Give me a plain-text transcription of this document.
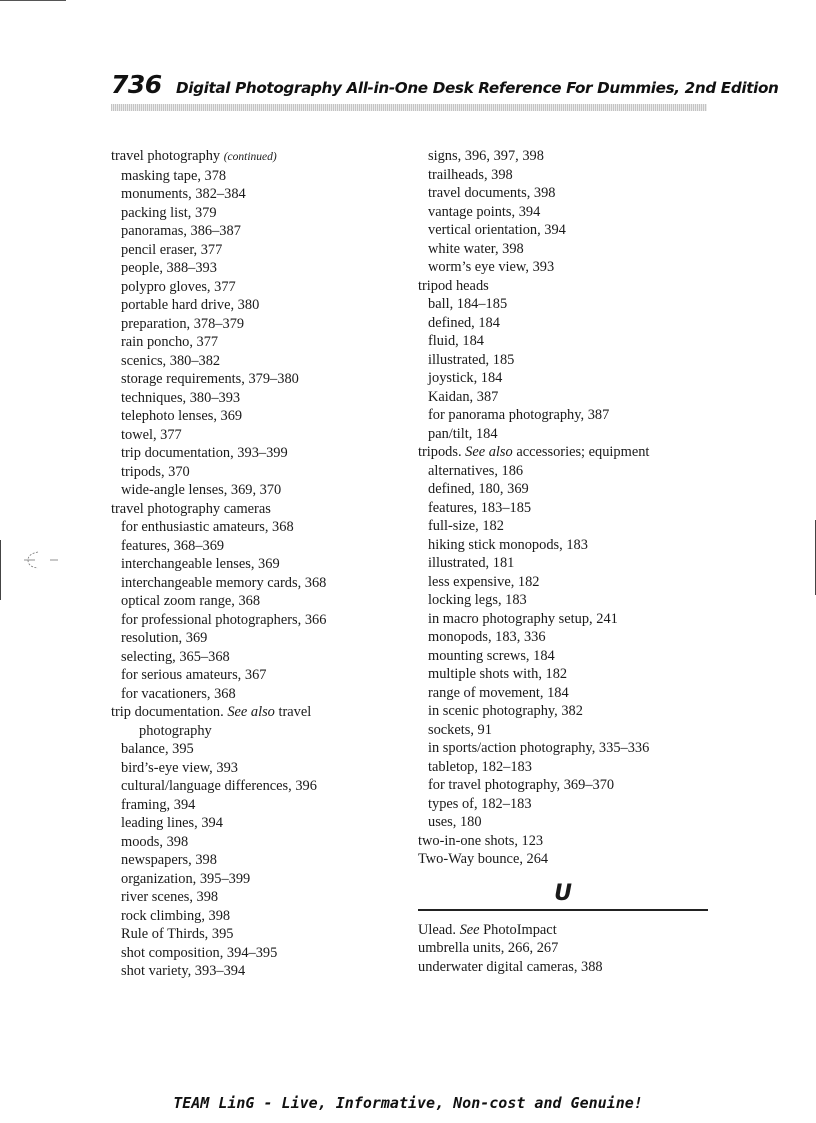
736 Digital Photography All-in-One Desk Reference For Dummies, 2nd Edition
travel photography (continued)
masking tape, 378
monuments, 382–384
packing list, 379
panoramas, 386–387
pencil eraser, 377
people, 388–393
polypro gloves, 377
portable hard drive, 380
preparation, 378–379
rain poncho, 377
scenics, 380–382
storage requirements, 379–380
techniques, 380–393
telephoto lenses, 369
towel, 377
trip documentation, 393–399
tripods, 370
wide-angle lenses, 369, 370
travel photography cameras
for enthusiastic amateurs, 368
features, 368–369
interchangeable lenses, 369
interchangeable memory cards, 368
optical zoom range, 368
for professional photographers, 366
resolution, 369
selecting, 365–368
for serious amateurs, 367
for vacationers, 368
trip documentation. See also travel
photography
balance, 395
bird’s-eye view, 393
cultural/language differences, 396
framing, 394
leading lines, 394
moods, 398
newspapers, 398
organization, 395–399
river scenes, 398
rock climbing, 398
Rule of Thirds, 395
shot composition, 394–395
shot variety, 393–394
signs, 396, 397, 398
trailheads, 398
travel documents, 398
vantage points, 394
vertical orientation, 394
white water, 398
worm’s eye view, 393
tripod heads
ball, 184–185
defined, 184
fluid, 184
illustrated, 185
joystick, 184
Kaidan, 387
for panorama photography, 387
pan/tilt, 184
tripods. See also accessories; equipment
alternatives, 186
defined, 180, 369
features, 183–185
full-size, 182
hiking stick monopods, 183
illustrated, 181
less expensive, 182
locking legs, 183
in macro photography setup, 241
monopods, 183, 336
mounting screws, 184
multiple shots with, 182
range of movement, 184
in scenic photography, 382
sockets, 91
in sports/action photography, 335–336
tabletop, 182–183
for travel photography, 369–370
types of, 182–183
uses, 180
two-in-one shots, 123
Two-Way bounce, 264
U
Ulead. See PhotoImpact
umbrella units, 266, 267
underwater digital cameras, 388
TEAM LinG - Live, Informative, Non-cost and Genuine!
